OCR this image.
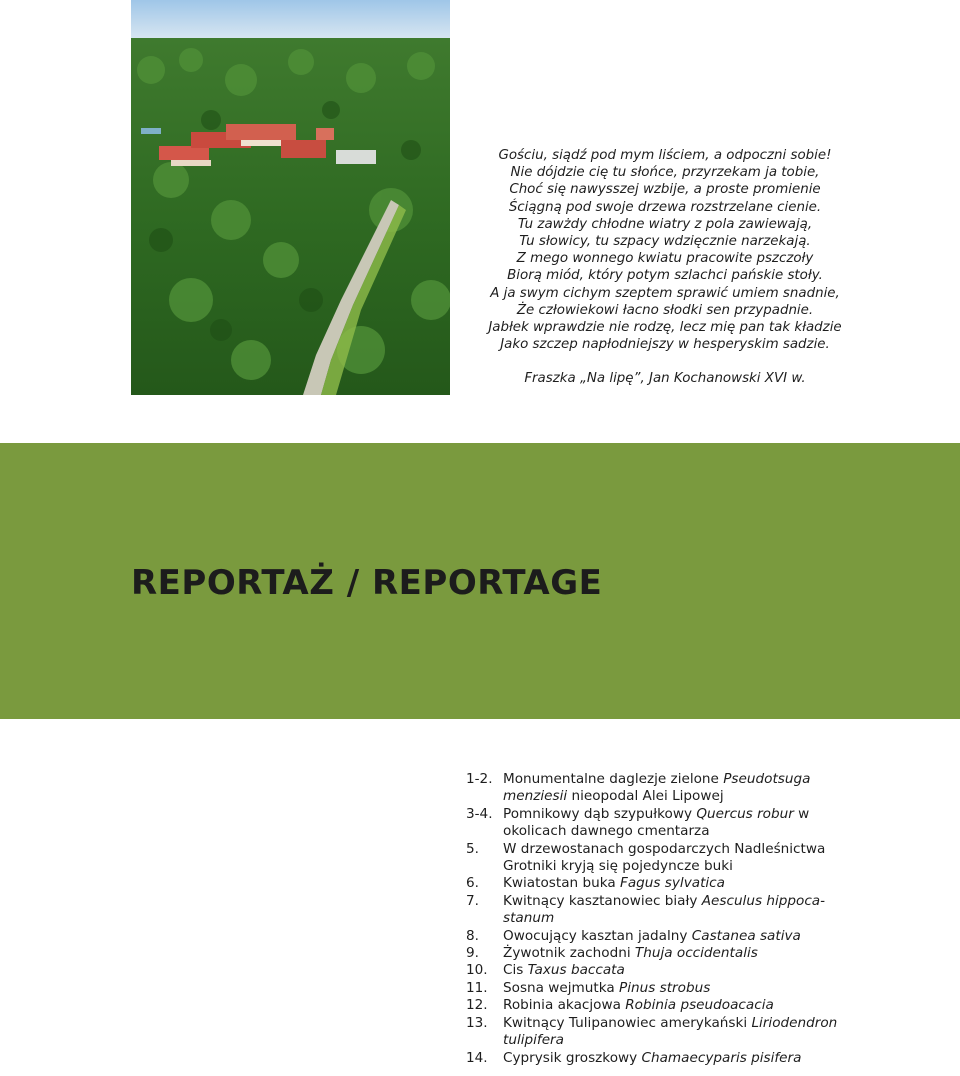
Gościu, siądź pod mym liściem, a odpoczni sobie!
Nie dójdzie cię tu słońce, przyrzekam ja tobie,
Choć się nawysszej wzbije, a proste promienie
Ściągną pod swoje drzewa rozstrzelane cienie.
Tu zawżdy chłodne wiatry z pola zawiewają,
Tu słowicy, tu szpacy wdzięcznie narzekają.
Z mego wonnego kwiatu pracowite pszczoły
Biorą miód, który potym szlachci pańskie stoły.
A ja swym cichym szeptem sprawić umiem snadnie,
Że człowiekowi łacno słodki sen przypadnie.
Jabłek wprawdzie nie rodzę, lecz mię pan tak kładzie
Jako szczep napłodniejszy w hesperyskim sadzie.
Fraszka „Na lipę”, Jan Kochanowski XVI w.
REPORTAŻ / REPORTAGE
1-2. Monumentalne daglezje zielone Pseudotsuga menziesii nieopodal Alei Lipowej
3-4. Pomnikowy dąb szypułkowy Quercus robur w okolicach dawnego cmentarza
5.	W drzewostanach gospodarczych Nadleśnictwa Grotniki kryją się pojedyncze buki
6.	Kwiatostan buka Fagus sylvatica
7.	Kwitnący kasztanowiec biały Aesculus hippoca-stanum
8.	Owocujący kasztan jadalny Castanea sativa
9.	Żywotnik zachodni Thuja occidentalis
10.	Cis Taxus baccata
11.	Sosna wejmutka Pinus strobus
12.	Robinia akacjowa Robinia pseudoacacia
13.	Kwitnący Tulipanowiec amerykański Liriodendron tulipifera
14.	Cyprysik groszkowy Chamaecyparis pisifera
